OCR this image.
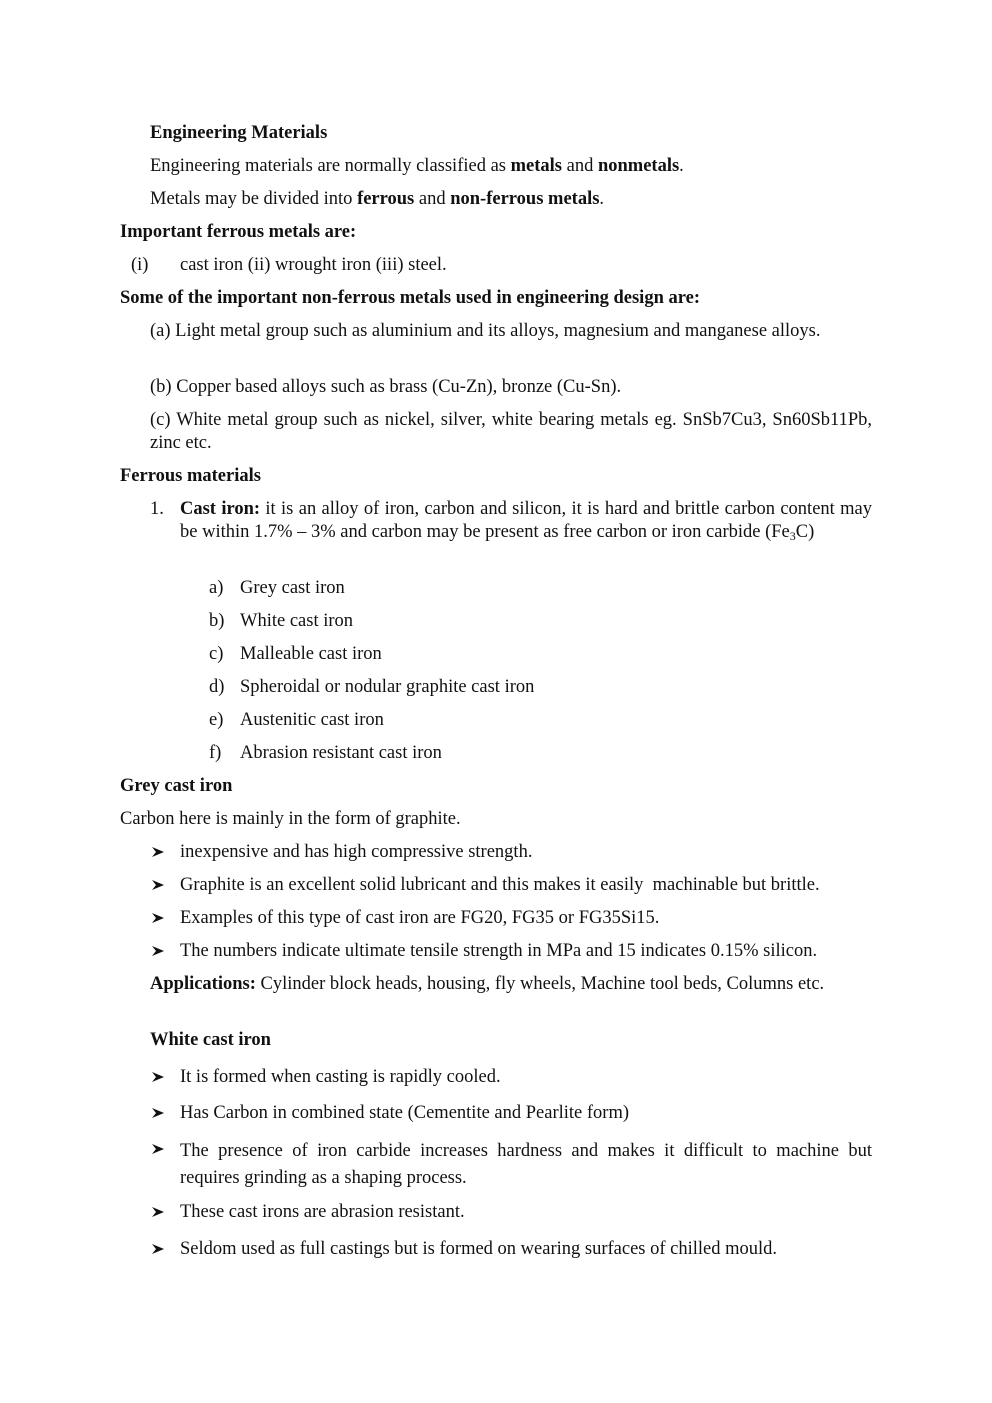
Engineering Materials
Engineering materials are normally classified as metals and nonmetals.
Metals may be divided into ferrous and non-ferrous metals.
Important ferrous metals are:
(i) cast iron (ii) wrought iron (iii) steel.
Some of the important non-ferrous metals used in engineering design are:
(a) Light metal group such as aluminium and its alloys, magnesium and manganese alloys.
(b) Copper based alloys such as brass (Cu-Zn), bronze (Cu-Sn).
(c) White metal group such as nickel, silver, white bearing metals eg. SnSb7Cu3, Sn60Sb11Pb, zinc etc.
Ferrous materials
1. Cast iron: it is an alloy of iron, carbon and silicon, it is hard and brittle carbon content may be within 1.7% – 3% and carbon may be present as free carbon or iron carbide $(Fe_3C)$
a) Grey cast iron
b) White cast iron
c) Malleable cast iron
d) Spheroidal or nodular graphite cast iron
e) Austenitic cast iron
f) Abrasion resistant cast iron
Grey cast iron
Carbon here is mainly in the form of graphite.
inexpensive and has high compressive strength.
Graphite is an excellent solid lubricant and this makes it easily  machinable but brittle.
Examples of this type of cast iron are FG20, FG35 or FG35Si15.
The numbers indicate ultimate tensile strength in MPa and 15 indicates 0.15% silicon.
Applications: Cylinder block heads, housing, fly wheels, Machine tool beds, Columns etc.
White cast iron
It is formed when casting is rapidly cooled.
Has Carbon in combined state (Cementite and Pearlite form)
The presence of iron carbide increases hardness and makes it difficult to machine but requires grinding as a shaping process.
These cast irons are abrasion resistant.
Seldom used as full castings but is formed on wearing surfaces of chilled mould.
